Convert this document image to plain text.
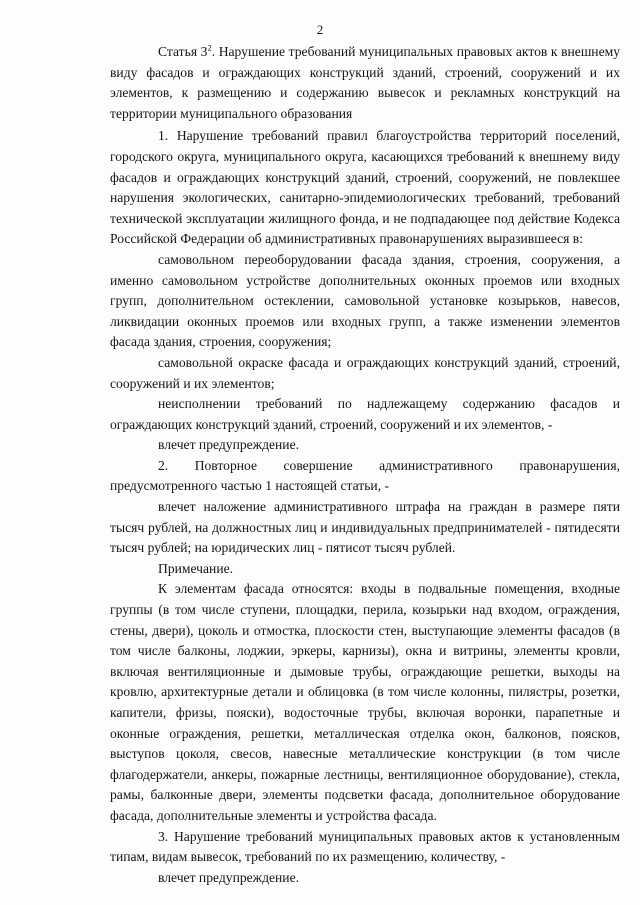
2

Статья $3^2$. Нарушение требований муниципальных правовых актов к внешнему виду фасадов и ограждающих конструкций зданий, строений, сооружений и их элементов, к размещению и содержанию вывесок и рекламных конструкций на территории муниципального образования

1. Нарушение требований правил благоустройства территорий поселений, городского округа, муниципального округа, касающихся требований к внешнему виду фасадов и ограждающих конструкций зданий, строений, сооружений, не повлекшее нарушения экологических, санитарно-эпидемиологических требований, требований технической эксплуатации жилищного фонда, и не подпадающее под действие Кодекса Российской Федерации об административных правонарушениях выразившееся в:

самовольном переоборудовании фасада здания, строения, сооружения, а именно самовольном устройстве дополнительных оконных проемов или входных групп, дополнительном остеклении, самовольной установке козырьков, навесов, ликвидации оконных проемов или входных групп, а также изменении элементов фасада здания, строения, сооружения;

самовольной окраске фасада и ограждающих конструкций зданий, строений, сооружений и их элементов;

неисполнении требований по надлежащему содержанию фасадов и ограждающих конструкций зданий, строений, сооружений и их элементов, -

влечет предупреждение.

2. Повторное совершение административного правонарушения, предусмотренного частью 1 настоящей статьи, -

влечет наложение административного штрафа на граждан в размере пяти тысяч рублей, на должностных лиц и индивидуальных предпринимателей - пятидесяти тысяч рублей; на юридических лиц - пятисот тысяч рублей.

Примечание.

К элементам фасада относятся: входы в подвальные помещения, входные группы (в том числе ступени, площадки, перила, козырьки над входом, ограждения, стены, двери), цоколь и отмостка, плоскости стен, выступающие элементы фасадов (в том числе балконы, лоджии, эркеры, карнизы), окна и витрины, элементы кровли, включая вентиляционные и дымовые трубы, ограждающие решетки, выходы на кровлю, архитектурные детали и облицовка (в том числе колонны, пилястры, розетки, капители, фризы, пояски), водосточные трубы, включая воронки, парапетные и оконные ограждения, решетки, металлическая отделка окон, балконов, поясков, выступов цоколя, свесов, навесные металлические конструкции (в том числе флагодержатели, анкеры, пожарные лестницы, вентиляционное оборудование), стекла, рамы, балконные двери, элементы подсветки фасада, дополнительное оборудование фасада, дополнительные элементы и устройства фасада.

3. Нарушение требований муниципальных правовых актов к установленным типам, видам вывесок, требований по их размещению, количеству, -

влечет предупреждение.
